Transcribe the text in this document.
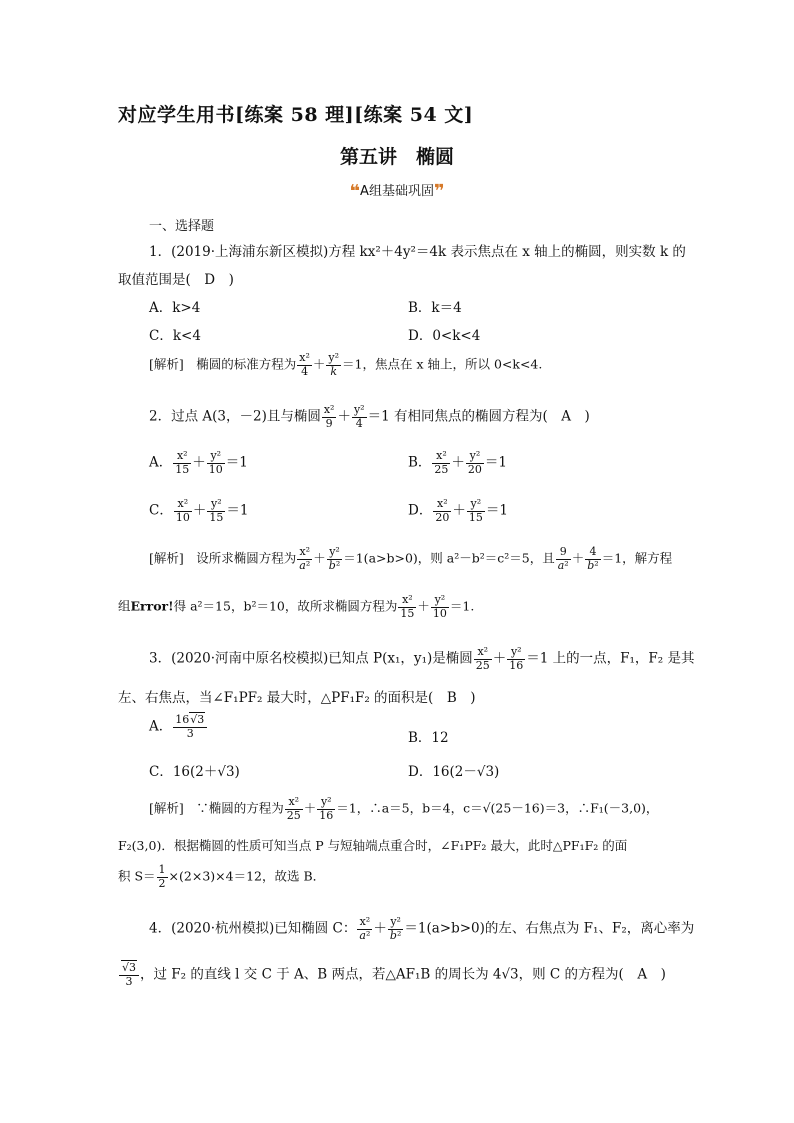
对应学生用书[练案 58 理][练案 54 文]
第五讲　椭圆
❝A组基础巩固❞
一、选择题
1．(2019·上海浦东新区模拟)方程 kx²＋4y²＝4k 表示焦点在 x 轴上的椭圆，则实数 k 的
取值范围是(　D　)
A．k>4	B．k＝4
C．k<4	D．0<k<4
[解析]　椭圆的标准方程为 $\frac{\text{x²}}{4} + \frac{\text{y²}}{k} =1$，焦点在 x 轴上，所以 0<k<4.
2．过点 A(3，－2)且与椭圆 $\frac{\text{x²}}{9} + \frac{\text{y²}}{4} =1$ 有相同焦点的椭圆方程为(　A　)
A． $\frac{\text{x²}}{15} + \frac{\text{y²}}{10} =1$	B． $\frac{\text{x²}}{25} + \frac{\text{y²}}{20} =1$
C． $\frac{\text{x²}}{10} + \frac{\text{y²}}{15} =1$	D． $\frac{\text{x²}}{20} + \frac{\text{y²}}{15} =1$
[解析]　设所求椭圆方程为 $\frac{\text{x²}}{\text{a²}} + \frac{\text{y²}}{\text{b²}} =1(a>b>0)$，则 a²－b²＝c²＝5，且 $\frac{9}{\text{a²}} + \frac{4}{\text{b²}} =1$，解方程
组Error!得 a²＝15，b²＝10，故所求椭圆方程为 $\frac{\text{x²}}{15} + \frac{\text{y²}}{10} =1$.
3．(2020·河南中原名校模拟)已知点 P(x₁，y₁)是椭圆 $\frac{\text{x²}}{25} + \frac{\text{y²}}{16} =1$ 上的一点，F₁，F₂ 是其
左、右焦点，当∠F₁PF₂ 最大时，△PF₁F₂ 的面积是(　B　)
A． $\frac{16√3}{3}$	B．12
C．16(2＋√3)	D．16(2－√3)
[解析]　∵椭圆的方程为 $\frac{\text{x²}}{25} + \frac{\text{y²}}{16} =1$，∴a＝5，b＝4，c＝√(25－16)＝3，∴F₁(－3,0)，
F₂(3,0)．根据椭圆的性质可知当点 P 与短轴端点重合时，∠F₁PF₂ 最大，此时△PF₁F₂ 的面
积 $S= \frac{1}{2} \times(2\times 3)\times 4=12$，故选 B．
4．(2020·杭州模拟)已知椭圆 C： $\frac{\text{x²}}{\text{a²}} + \frac{\text{y²}}{\text{b²}} =1(a>b>0)$的左、右焦点为 F₁、F₂，离心率为
$\frac{√3}{3}$ ，过 F₂ 的直线 l 交 C 于 A、B 两点，若△AF₁B 的周长为 4√3，则 C 的方程为(　A　)
